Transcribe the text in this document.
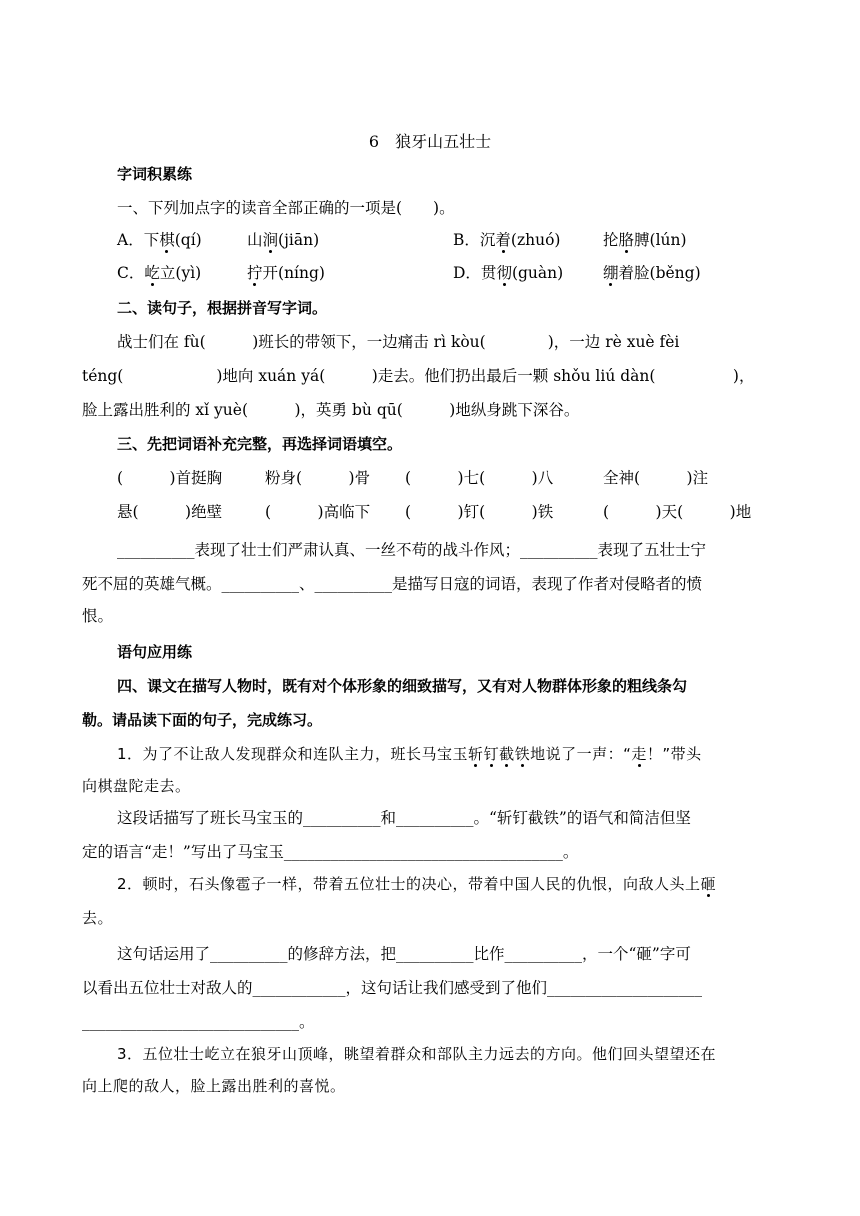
6　狼牙山五壮士
字词积累练
一、下列加点字的读音全部正确的一项是(　　)。
A．下棋(qí)	山涧(jiān)	B．沉着(zhuó)	抡胳膊(lún)
C．屹立(yì)	拧开(níng)	D．贯彻(guàn)	绷着脸(běng)
二、读句子，根据拼音写字词。
战士们在 fù(　　　)班长的带领下，一边痛击 rì kòu(　　　　)，一边 rè xuè fèi
téng(　　　　　　)地向 xuán yá(　　　)走去。他们扔出最后一颗 shǒu liú dàn(　　　　　)，
脸上露出胜利的 xǐ yuè(　　　)，英勇 bù qū(　　　)地纵身跳下深谷。
三、先把词语补充完整，再选择词语填空。
(　　　)首挺胸	粉身(　　　)骨 (　　　)七(　　　)八	全神(　　　)注
悬(　　　)绝壁	(　　　)高临下 (　　　)钉(　　　)铁	(　　　)天(　　　)地
__________表现了壮士们严肃认真、一丝不苟的战斗作风；__________表现了五壮士宁
死不屈的英雄气概。__________、__________是描写日寇的词语，表现了作者对侵略者的愤
恨。
语句应用练
四、课文在描写人物时，既有对个体形象的细致描写，又有对人物群体形象的粗线条勾
勒。请品读下面的句子，完成练习。
1．为了不让敌人发现群众和连队主力，班长马宝玉斩钉截铁地说了一声：“走！”带头
向棋盘陀走去。
这段话描写了班长马宝玉的__________和__________。“斩钉截铁”的语气和简洁但坚
定的语言“走！”写出了马宝玉____________________________________。
2．顿时，石头像雹子一样，带着五位壮士的决心，带着中国人民的仇恨，向敌人头上砸
去。
这句话运用了__________的修辞方法，把__________比作__________，一个“砸”字可
以看出五位壮士对敌人的____________，这句话让我们感受到了他们____________________
____________________________。
3．五位壮士屹立在狼牙山顶峰，眺望着群众和部队主力远去的方向。他们回头望望还在
向上爬的敌人，脸上露出胜利的喜悦。
